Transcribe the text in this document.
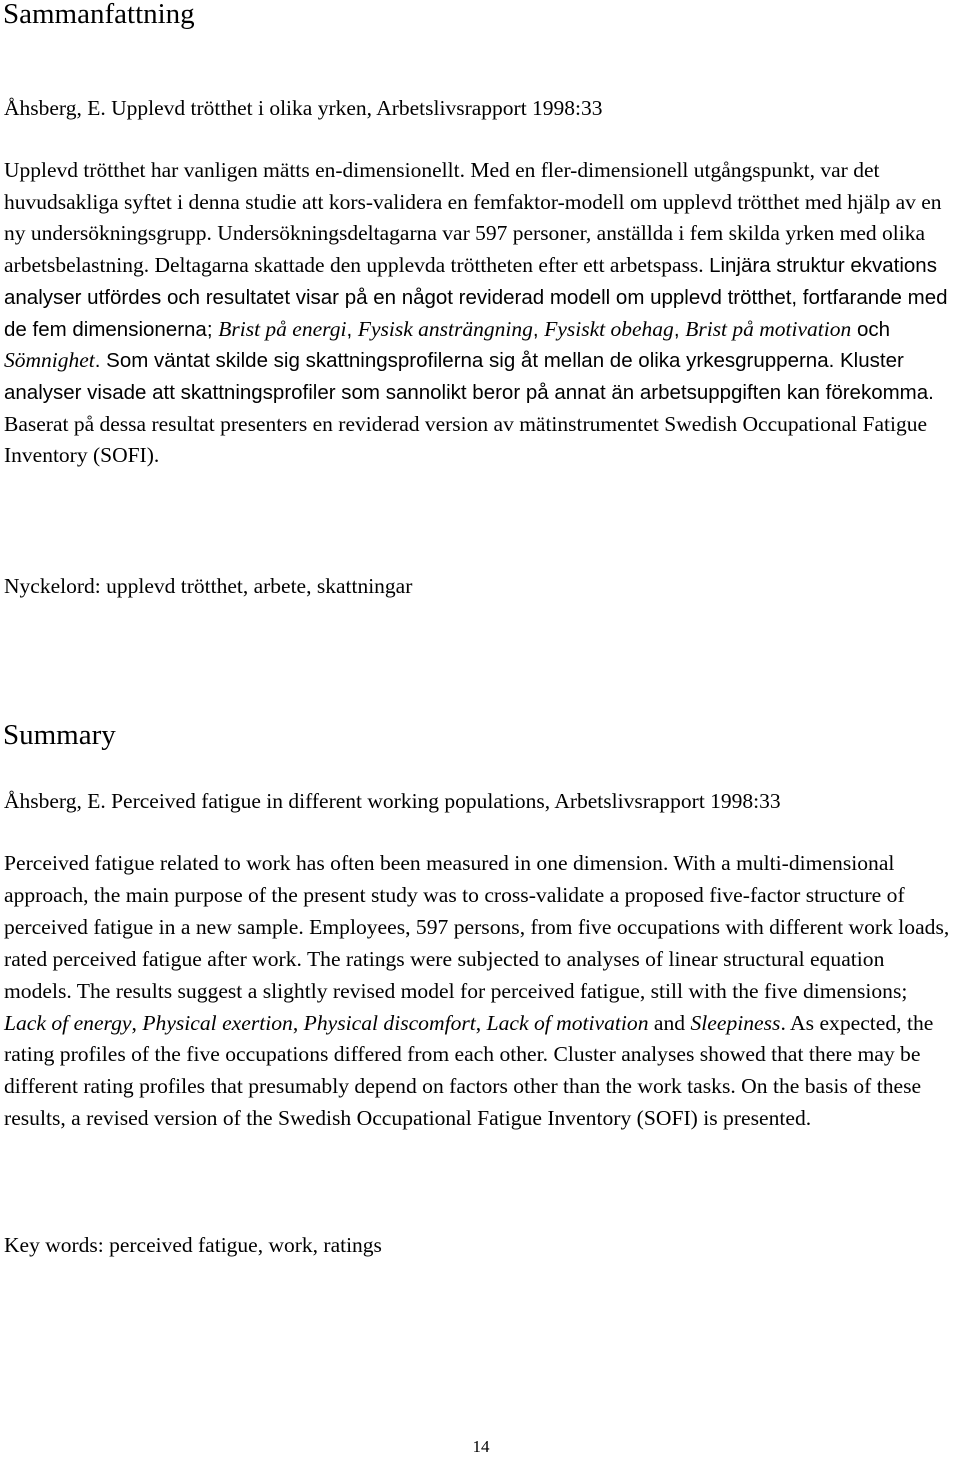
Sammanfattning

Åhsberg, E. Upplevd trötthet i olika yrken, Arbetslivsrapport 1998:33

Upplevd trötthet har vanligen mätts en-dimensionellt. Med en fler-dimensionell utgångspunkt, var det huvudsakliga syftet i denna studie att kors-validera en femfaktor-modell om upplevd trötthet med hjälp av en ny undersökningsgrupp. Undersökningsdeltagarna var 597 personer, anställda i fem skilda yrken med olika arbetsbelastning. Deltagarna skattade den upplevda tröttheten efter ett arbetspass. Linjära struktur ekvations analyser utfördes och resultatet visar på en något reviderad modell om upplevd trötthet, fortfarande med de fem dimensionerna; Brist på energi, Fysisk ansträngning, Fysiskt obehag, Brist på motivation och Sömnighet. Som väntat skilde sig skattningsprofilerna sig åt mellan de olika yrkesgrupperna. Kluster analyser visade att skattningsprofiler som sannolikt beror på annat än arbetsuppgiften kan förekomma. Baserat på dessa resultat presenters en reviderad version av mätinstrumentet Swedish Occupational Fatigue Inventory (SOFI).

Nyckelord: upplevd trötthet, arbete, skattningar

Summary

Åhsberg, E. Perceived fatigue in different working populations, Arbetslivsrapport 1998:33

Perceived fatigue related to work has often been measured in one dimension. With a multi-dimensional approach, the main purpose of the present study was to cross-validate a proposed five-factor structure of perceived fatigue in a new sample. Employees, 597 persons, from five occupations with different work loads, rated perceived fatigue after work. The ratings were subjected to analyses of linear structural equation models. The results suggest a slightly revised model for perceived fatigue, still with the five dimensions; Lack of energy, Physical exertion, Physical discomfort, Lack of motivation and Sleepiness. As expected, the rating profiles of the five occupations differed from each other. Cluster analyses showed that there may be different rating profiles that presumably depend on factors other than the work tasks. On the basis of these results, a revised version of the Swedish Occupational Fatigue Inventory (SOFI) is presented.

Key words: perceived fatigue, work, ratings

14
